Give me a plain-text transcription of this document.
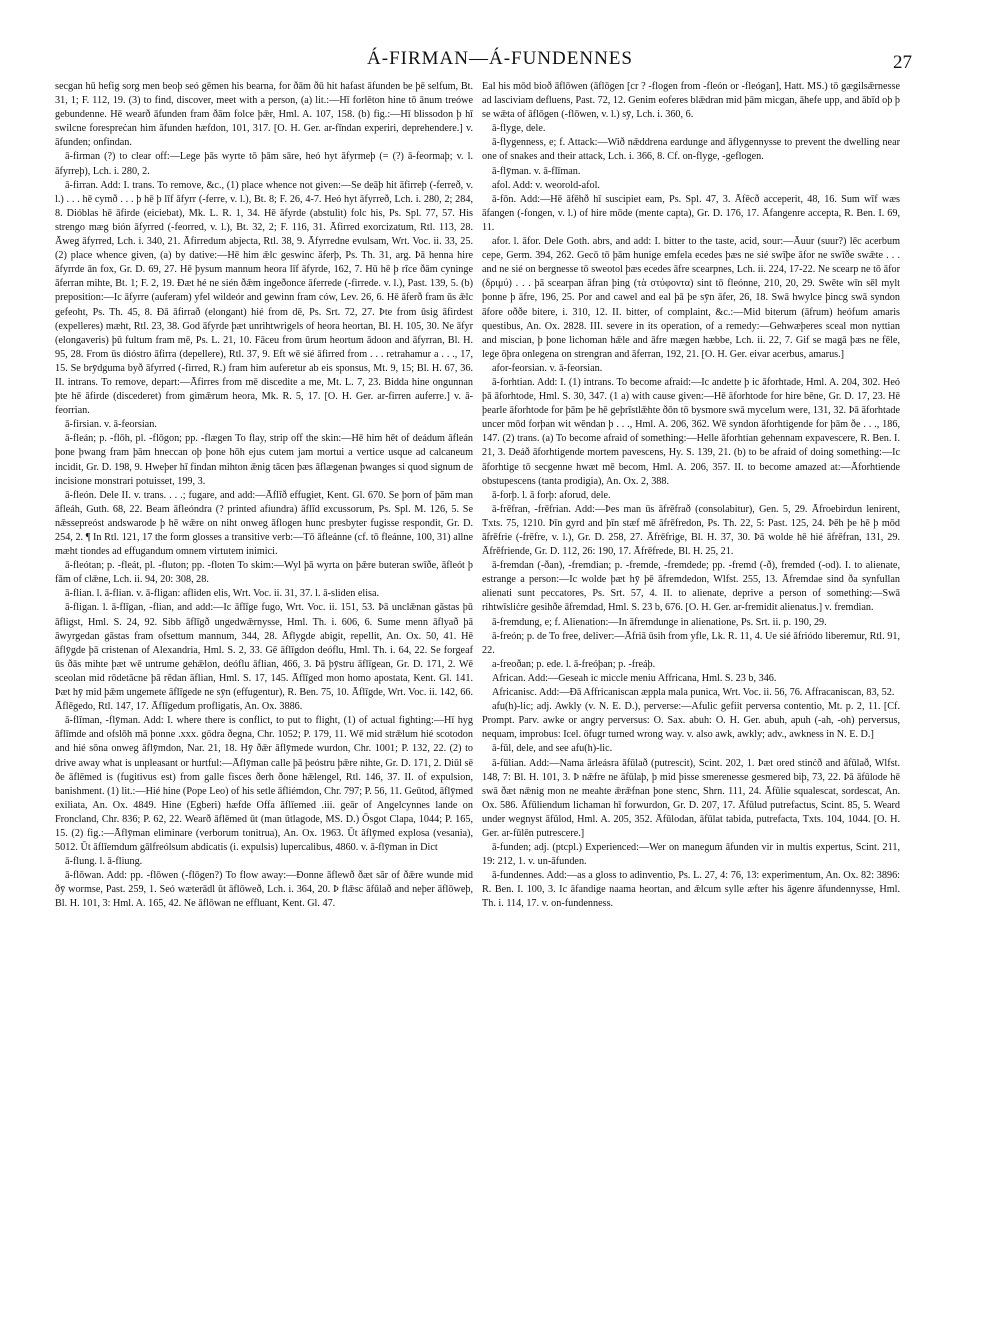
Á-FIRMAN—Á-FUNDENNES	27

secgan hū hefig sorg men beoþ seó gēmen his bearna, for ðām ðū hit hafast āfunden be þē selfum, Bt. 31, 1; F. 112, 19. (3) to find, discover, meet with a person, (a) lit.:—Hī forlēton hine tō ānum treówe gebundenne. Hē wearð āfunden fram ðām folce þǣr, Hml. A. 107, 158. (b) fig.:—Hī blissodon þ hī swilcne forespreċan him āfunden hæfdon, 101, 317. [O. H. Ger. ar-fīndan experiri, deprehendere.] v. āfunden; onfindan.

ā-firman (?) to clear off:—Lege þās wyrte tō þām sāre, heó hyt āfyrmeþ (= (?) ā-feormaþ; v. l. āfyrreþ), Lch. i. 280, 2.

ā-firran. Add: I. trans. To remove, &c., (1) place whence not given:—Se deāþ hit āfirreþ (-ferreð, v. l.) . . . hē cymð . . . þ hē þ līf āfyrr (-ferre, v. l.), Bt. 8; F. 26, 4-7. Heó hyt āfyrreð, Lch. i. 280, 2; 284, 8. Dióblas hē āfirde (eiciebat), Mk. L. R. 1, 34. Hē āfyrde (abstulit) folc his, Ps. Spl. 77, 57. His strengo mæg bión āfyrred (-feorred, v. l.), Bt. 32, 2; F. 116, 31. Āfirred exorcizatum, Rtl. 113, 28. Āweg āfyrred, Lch. i. 340, 21. Āfirredum abjecta, Rtl. 38, 9. Āfyrredne evulsam, Wrt. Voc. ii. 33, 25. (2) place whence given, (a) by dative:—Hē him ǣlc geswinc āferþ, Ps. Th. 31, arg. Þā henna hire āfyrrde ān fox, Gr. D. 69, 27. Hē þysum mannum heora līf āfyrde, 162, 7. Hū hē þ rīce ðām cyninge āferran mihte, Bt. 1; F. 2, 19. Ðæt hé ne sién ðǣm ingeðonce āferrede (-firrede. v. l.), Past. 139, 5. (b) preposition:—Ic āfyrre (auferam) yfel wildeór and gewinn fram ców, Lev. 26, 6. Hē āferð fram ūs ǣlc gefeoht, Ps. Th. 45, 8. Ðā āfirrað (elongant) hié from dē, Ps. Srt. 72, 27. Þte from ūsig āfirdest (expelleres) mæht, Rtl. 23, 38. God āfyrde þæt unrihtwrigels of heora heortan, Bl. H. 105, 30. Ne āfyr (elongaveris) þū fultum fram mē, Ps. L. 21, 10. Fāceu from ūrum heortum ādoon and āfyrran, Bl. H. 95, 28. From ūs dióstro āfirra (depellere), Rtl. 37, 9. Eft wē sié āfirred from . . . retrahamur a . . ., 17, 15. Se brȳdguma byð āfyrred (-firred, R.) fram him auferetur ab eis sponsus, Mt. 9, 15; Bl. H. 67, 36. II. intrans. To remove, depart:—Āfirres from mē discedite a me, Mt. L. 7, 23. Bidda hine ongunnan þte hē āfirde (discederet) from gimǣrum heora, Mk. R. 5, 17. [O. H. Ger. ar-firren auferre.] v. ā-feorrian.

ā-firsian. v. ā-feorsian.

ā-fleán; p. -flōh, pl. -flōgon; pp. -flægen To flay, strip off the skin:—Hē him hēt of deádum āfleán þone þwang fram þām hneccan oþ þone hōh ejus cutem jam mortui a vertice usque ad calcaneum incidit, Gr. D. 198, 9. Hweþer hī findan mihton ǣnig tācen þæs āflægenan þwanges si quod signum de incisione monstrari potuisset, 199, 3.

ā-fleón. Dele II. v. trans. . . .; fugare, and add:—Āflīð effugiet, Kent. Gl. 670. Se þorn of þām man āfleáh, Guth. 68, 22. Beam āfleóndra (? printed afiundra) āflīd excussorum, Ps. Spl. M. 126, 5. Se nǣssepreóst andswarode þ hē wǣre on niht onweg āflogen hunc presbyter fugisse respondit, Gr. D. 254, 2. ¶ In Rtl. 121, 17 the form glosses a transitive verb:—Tō āfleánne (cf. tō fleánne, 100, 31) allne mæht tiondes ad effugandum omnem virtutem inimici.

ā-fleótan; p. -fleát, pl. -fluton; pp. -floten To skim:—Wyl þā wyrta on þǣre buteran swīðe, āfleót þ fām of clǣne, Lch. ii. 94, 20: 308, 28.

ā-flian. l. ā-flian. v. ā-fligan: afliden elis, Wrt. Voc. ii. 31, 37. l. ā-sliden elisa.

ā-fligan. l. ā-flīgan, -flian, and add:—Ic āflīge fugo, Wrt. Voc. ii. 151, 53. Þā unclǣnan gāstas þū āfligst, Hml. S. 24, 92. Sibb āflīgð ungedwǣrnysse, Hml. Th. i. 606, 6. Sume menn āflyað þā āwyrgedan gāstas fram ofsettum mannum, 344, 28. Āflygde abigit, repellit, An. Ox. 50, 41. Hē āflȳgde þā cristenan of Alexandria, Hml. S. 2, 33. Gē āflīgdon deóflu, Hml. Th. i. 64, 22. Se forgeaf ūs ðās mihte þæt wē untrume gehǣlon, deóflu āflian, 466, 3. Þā þȳstru āflīgean, Gr. D. 171, 2. Wē sceolan mid rōdetācne þā rēdan āflian, Hml. S. 17, 145. Āflīged mon homo apostata, Kent. Gl. 141. Þæt hȳ mid þǣm ungemete āflīgede ne sȳn (effugentur), R. Ben. 75, 10. Āflīgde, Wrt. Voc. ii. 142, 66. Āflēgedo, Rtl. 147, 17. Āflīgedum profligatis, An. Ox. 3886.

ā-flīman, -flȳman. Add: I. where there is conflict, to put to flight, (1) of actual fighting:—Hī hyg āflīmde and ofslōh mā þonne .xxx. gōdra ðegna, Chr. 1052; P. 179, 11. Wē mid strǣlum hié scotodon and hié sōna onweg āflȳmdon, Nar. 21, 18. Hȳ ðǣr āflȳmede wurdon, Chr. 1001; P. 132, 22. (2) to drive away what is unpleasant or hurtful:—Āflȳman calle þā þeóstru þǣre nihte, Gr. D. 171, 2. Diūl sē ðe āflēmed is (fugitivus est) from galle fisces ðerh ðone hǣlengel, Rtl. 146, 37. II. of expulsion, banishment. (1) lit.:—Hié hine (Pope Leo) of his setle āfliémdon, Chr. 797; P. 56, 11. Geūtod, āflȳmed exiliata, An. Ox. 4849. Hine (Egberi) hæfde Offa āflīemed .iii. geār of Angelcynnes lande on Froncland, Chr. 836; P. 62, 22. Wearð āflēmed ūt (man ūtlagode, MS. D.) Ōsgot Clapa, 1044; P. 165, 15. (2) fig.:—Āflȳman eliminare (verborum tonitrua), An. Ox. 1963. Ūt āflȳmed explosa (vesania), 5012. Ūt āflīemdum gālfreólsum abdicatis (i. expulsis) lupercalibus, 4860. v. ā-flȳman in Dict

ā-flung. l. ā-fliung.

ā-flōwan. Add: pp. -flōwen (-flōgen?) To flow away:—Ðonne āflewð ðæt sār of ðǣre wunde mid ðȳ wormse, Past. 259, 1. Seó wæterādl ūt āflōweð, Lch. i. 364, 20. Þ flǣsc āfūlað and neþer āflōweþ, Bl. H. 101, 3: Hml. A. 165, 42. Ne āflōwan ne effluant, Kent. Gl. 47.

Eal his mōd bioð āflōwen (āflōgen [cr ? -flogen from -fleón or -fleógan], Hatt. MS.) tō gægilsǣrnesse ad lasciviam defluens, Past. 72, 12. Genim eoferes blǣdran mid þām micgan, āhefe upp, and ābīd oþ þ se wǣta of āflōgen (-flōwen, v. l.) sȳ, Lch. i. 360, 6.

ā-flyge, dele.

ā-flygenness, e; f. Attack:—Wið nǣddrena eardunge and āflygennysse to prevent the dwelling near one of snakes and their attack, Lch. i. 366, 8. Cf. on-flyge, -geflogen.

ā-flȳman. v. ā-flīman.

afol. Add: v. weorold-afol.

ā-fōn. Add:—Hē āfēhð hī suscipiet eam, Ps. Spl. 47, 3. Āfēcð acceperit, 48, 16. Sum wīf wæs āfangen (-fongen, v. l.) of hire mōde (mente capta), Gr. D. 176, 17. Āfangenre accepta, R. Ben. I. 69, 11.

afor. l. āfor. Dele Goth. abrs, and add: I. bitter to the taste, acid, sour:—Āuur (suur?) lēc acerbum cepe, Germ. 394, 262. Gecō tō þām hunige emfela ecedes þæs ne sié swīþe āfor ne swīðe swǣte . . . and ne sié on bergnesse tō sweotol þæs ecedes āfre scearpnes, Lch. ii. 224, 17-22. Ne scearp ne tō āfor (δριμύ) . . . þā scearpan āfran þing (τὰ στύφοντα) sint tō fleónne, 210, 20, 29. Swēte wīn sēl mylt þonne þ āfre, 196, 25. Por and cawel and eal þā þe sȳn āfer, 26, 18. Swā hwylce þincg swā syndon āfore oððe bitere, i. 310, 12. II. bitter, of complaint, &c.:—Mid biterum (āfrum) heófum amaris questibus, An. Ox. 2828. III. severe in its operation, of a remedy:—Gehwæþeres sceal mon nyttian and miscian, þ þone lichoman hǣle and āfre mægen hæbbe, Lch. ii. 22, 7. Gif se magā þæs ne fēle, lege ōþra onlegena on strengran and āferran, 192, 21. [O. H. Ger. eivar acerbus, amarus.]

afor-feorsian. v. ā-feorsian.

ā-forhtian. Add: I. (1) intrans. To become afraid:—Ic andette þ ic āforhtade, Hml. A. 204, 302. Heó þā āforhtode, Hml. S. 30, 347. (1 a) with cause given:—Hē āforhtode for hire bēne, Gr. D. 17, 23. Hē þearle āforhtode for þām þe hē geþrīstlǣhte ðōn tō bysmore swā mycelum were, 131, 32. Þā āforhtade uncer mōd forþan wit wēndan þ . . ., Hml. A. 206, 362. Wē syndon āforhtigende for þām ðe . . ., 186, 147. (2) trans. (a) To become afraid of something:—Helle āforhtian gehennam expavescere, R. Ben. I. 21, 3. Deáð āforhtigende mortem pavescens, Hy. S. 139, 21. (b) to be afraid of doing something:—Ic āforhtige tō secgenne hwæt mē becom, Hml. A. 206, 357. II. to become amazed at:—Āforhtiende obstupescens (tanta prodigia), An. Ox. 2, 388.

ā-forþ. l. ā forþ: aforud, dele.

ā-frēfran, -frēfrian. Add:—Þes man ūs āfrēfrað (consolabitur), Gen. 5, 29. Āfroebirdun lenirent, Txts. 75, 1210. Þīn gyrd and þīn stæf mē āfrēfredon, Ps. Th. 22, 5: Past. 125, 24. Þēh þe hē þ mōd āfrēfrie (-frēfre, v. l.), Gr. D. 258, 27. Āfrēfrige, Bl. H. 37, 30. Þā wolde hē hié āfrēfran, 131, 29. Āfrēfriende, Gr. D. 112, 26: 190, 17. Āfrēfrede, Bl. H. 25, 21.

ā-fremdan (-ðan), -fremdian; p. -fremde, -fremdede; pp. -fremd (-ð), fremded (-od). I. to alienate, estrange a person:—Ic wolde þæt hȳ þē āfremdedon, Wlfst. 255, 13. Āfremdae sind ða synfullan alienati sunt peccatores, Ps. Srt. 57, 4. II. to alienate, deprive a person of something:—Swā rihtwīsliċre gesihðe āfremdad, Hml. S. 23 b, 676. [O. H. Ger. ar-fremidit alienatus.] v. fremdian.

ā-fremdung, e; f. Alienation:—In āfremdunge in alienatione, Ps. Srt. ii. p. 190, 29.

ā-freón; p. de To free, deliver:—Āfriā ūsih from yfle, Lk. R. 11, 4. Ue sié āfriódo liberemur, Rtl. 91, 22.

a-freoðan; p. ede. l. ā-freóþan; p. -freáþ.

African. Add:—Geseah ic miccle meniu Affricana, Hml. S. 23 b, 346.

Africanisc. Add:—Ðā Affricaniscan æppla mala punica, Wrt. Voc. ii. 56, 76. Affracaniscan, 83, 52.

afu(h)-lic; adj. Awkly (v. N. E. D.), perverse:—Afulic gefiit perversa contentio, Mt. p. 2, 11. [Cf. Prompt. Parv. awke or angry perversus: O. Sax. abuh: O. H. Ger. abuh, apuh (-ah, -oh) perversus, nequam, improbus: Icel. öfugr turned wrong way. v. also awk, awkly; adv., awkness in N. E. D.]

ā-fūl, dele, and see afu(h)-lic.

ā-fūlian. Add:—Nama ārleásra āfūlað (putrescit), Scint. 202, 1. Þæt ored stinċð and āfūlað, Wlfst. 148, 7: Bl. H. 101, 3. Þ nǣfre ne āfūlaþ, þ mid þisse smerenesse gesmered biþ, 73, 22. Þā āfūlode hē swā ðæt nǣnig mon ne meahte ǣrǣfnan þone stenc, Shrn. 111, 24. Āfūlie squalescat, sordescat, An. Ox. 586. Āfūliendum lichaman hī forwurdon, Gr. D. 207, 17. Āfūlud putrefactus, Scint. 85, 5. Weard under wegnyst āfūlod, Hml. A. 205, 352. Āfūlodan, āfūlat tabida, putrefacta, Txts. 104, 1044. [O. H. Ger. ar-fūlēn putrescere.]

ā-funden; adj. (ptcpl.) Experienced:—Wer on manegum āfunden vir in multis expertus, Scint. 211, 19: 212, 1. v. un-āfunden.

ā-fundennes. Add:—as a gloss to adinventio, Ps. L. 27, 4: 76, 13: experimentum, An. Ox. 82: 3896: R. Ben. I. 100, 3. Ic āfandige naama heortan, and ǣlcum sylle æfter his āgenre āfundennysse, Hml. Th. i. 114, 17. v. on-fundenness.
